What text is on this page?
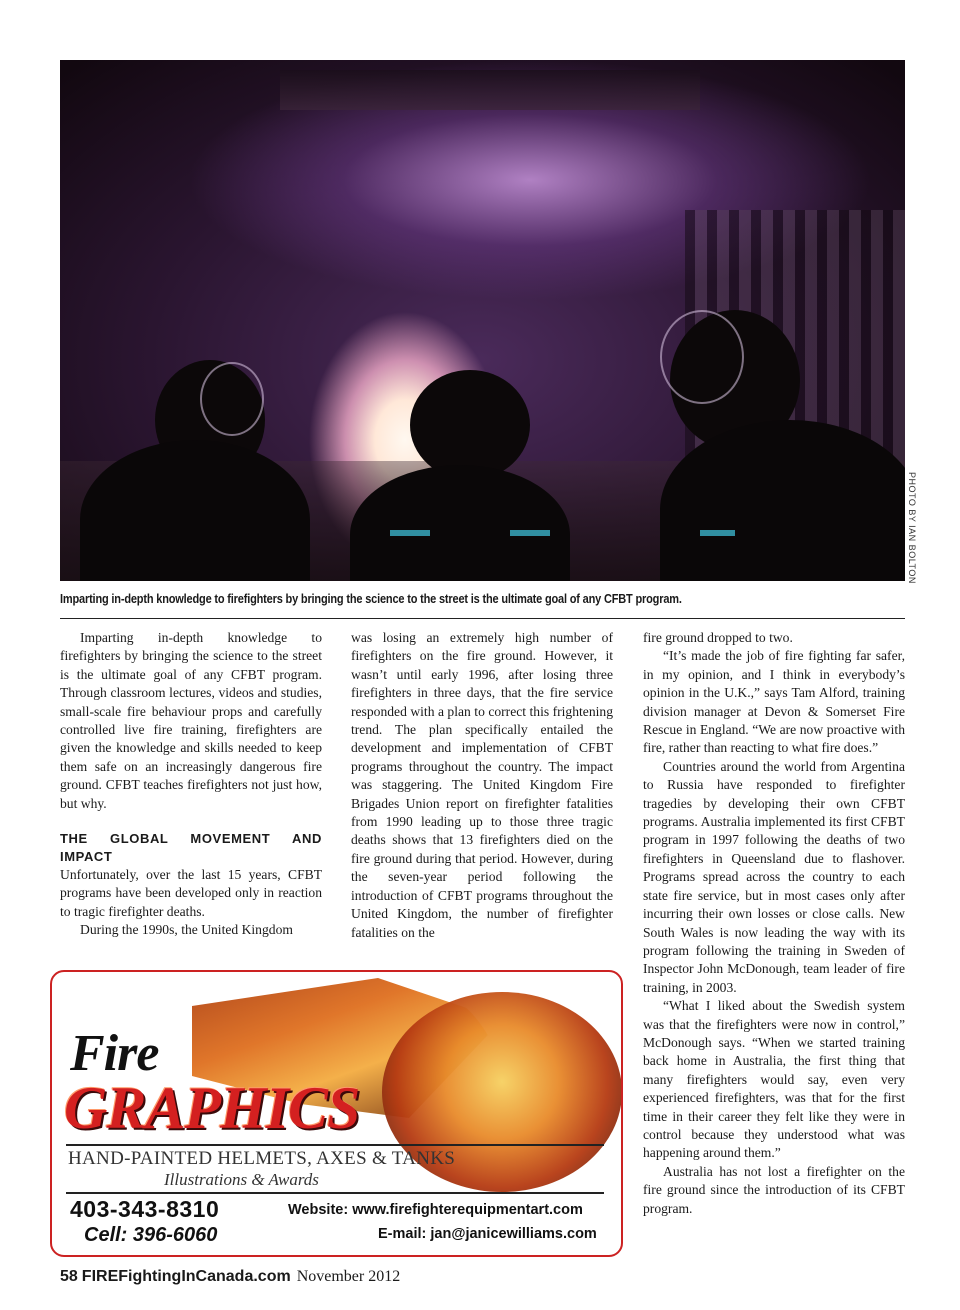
PHOTO BY IAN BOLTON
Imparting in-depth knowledge to firefighters by bringing the science to the street is the ultimate goal of any CFBT program.

Imparting in-depth knowledge to firefighters by bringing the science to the street is the ultimate goal of any CFBT program. Through classroom lectures, videos and studies, small-scale fire behaviour props and carefully controlled live fire training, firefighters are given the knowledge and skills needed to keep them safe on an increasingly dangerous fire ground. CFBT teaches firefighters not just how, but why.

THE GLOBAL MOVEMENT AND IMPACT

Unfortunately, over the last 15 years, CFBT programs have been developed only in reaction to tragic firefighter deaths.

During the 1990s, the United Kingdom

was losing an extremely high number of firefighters on the fire ground. However, it wasn’t until early 1996, after losing three firefighters in three days, that the fire service responded with a plan to correct this frightening trend. The plan specifically entailed the development and implementation of CFBT programs throughout the country. The impact was staggering. The United Kingdom Fire Brigades Union report on firefighter fatalities from 1990 leading up to those three tragic deaths shows that 13 firefighters died on the fire ground during that period. However, during the seven-year period following the introduction of CFBT programs throughout the United Kingdom, the number of firefighter fatalities on the

fire ground dropped to two.

“It’s made the job of fire fighting far safer, in my opinion, and I think in everybody’s opinion in the U.K.,” says Tam Alford, training division manager at Devon & Somerset Fire Rescue in England. “We are now proactive with fire, rather than reacting to what fire does.”

Countries around the world from Argentina to Russia have responded to firefighter tragedies by developing their own CFBT programs. Australia implemented its first CFBT program in 1997 following the deaths of two firefighters in Queensland due to flashover. Programs spread across the country to each state fire service, but in most cases only after incurring their own losses or close calls. New South Wales is now leading the way with its program following the training in Sweden of Inspector John McDonough, team leader of fire training, in 2003.

“What I liked about the Swedish system was that the firefighters were now in control,” McDonough says. “When we started training back home in Australia, the first thing that many firefighters would say, even very experienced firefighters, was that for the first time in their career they felt like they were in control because they understood what was happening around them.”

Australia has not lost a firefighter on the fire ground since the introduction of its CFBT program.

Fire
GRAPHICS
HAND-PAINTED HELMETS, AXES & TANKS
Illustrations & Awards
403-343-8310
Cell: 396-6060
Website: www.firefighterequipmentart.com
E-mail: jan@janicewilliams.com
58 FIREFightingInCanada.com November 2012
